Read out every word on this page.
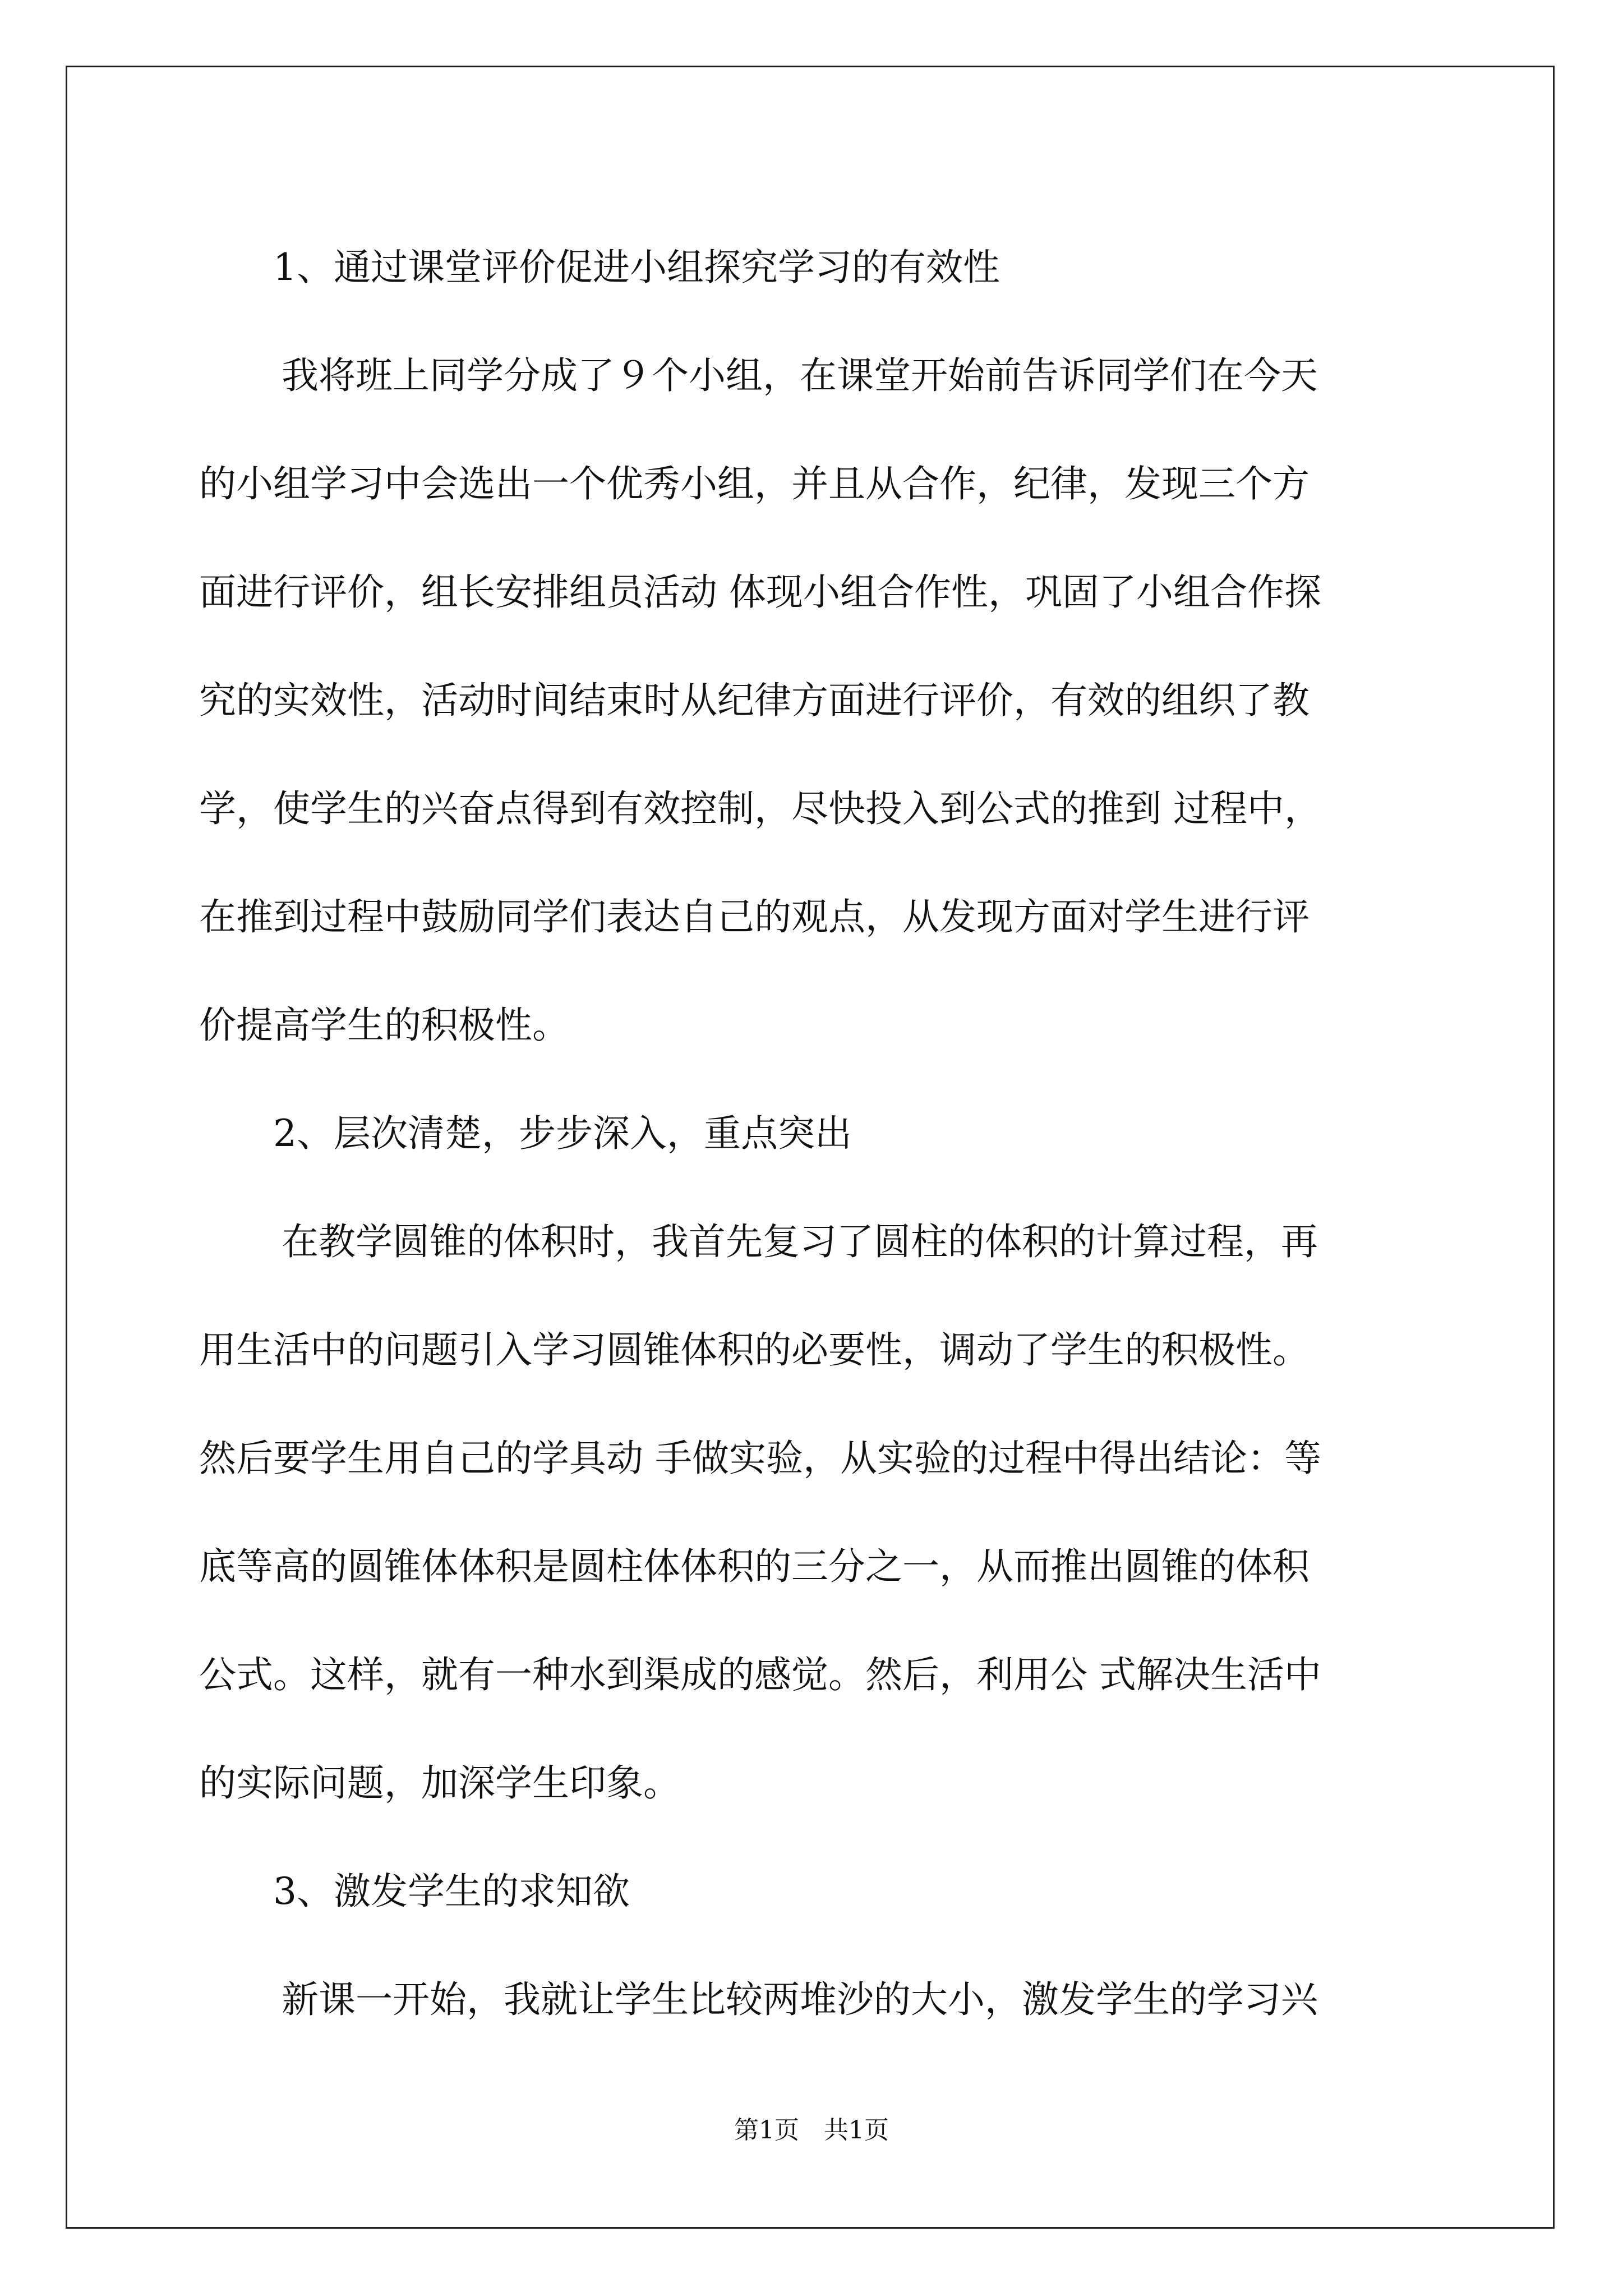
1、通过课堂评价促进小组探究学习的有效性

我将班上同学分成了９个小组，在课堂开始前告诉同学们在今天
的小组学习中会选出一个优秀小组，并且从合作，纪律，发现三个方
面进行评价，组长安排组员活动 体现小组合作性，巩固了小组合作探
究的实效性，活动时间结束时从纪律方面进行评价，有效的组织了教
学，使学生的兴奋点得到有效控制，尽快投入到公式的推到 过程中，
在推到过程中鼓励同学们表达自己的观点，从发现方面对学生进行评
价提高学生的积极性。

2、层次清楚，步步深入，重点突出

在教学圆锥的体积时，我首先复习了圆柱的体积的计算过程，再
用生活中的问题引入学习圆锥体积的必要性，调动了学生的积极性。
然后要学生用自己的学具动 手做实验，从实验的过程中得出结论：等
底等高的圆锥体体积是圆柱体体积的三分之一，从而推出圆锥的体积
公式。这样，就有一种水到渠成的感觉。然后，利用公 式解决生活中
的实际问题，加深学生印象。

3、激发学生的求知欲

新课一开始，我就让学生比较两堆沙的大小，激发学生的学习兴
第1页　共1页
